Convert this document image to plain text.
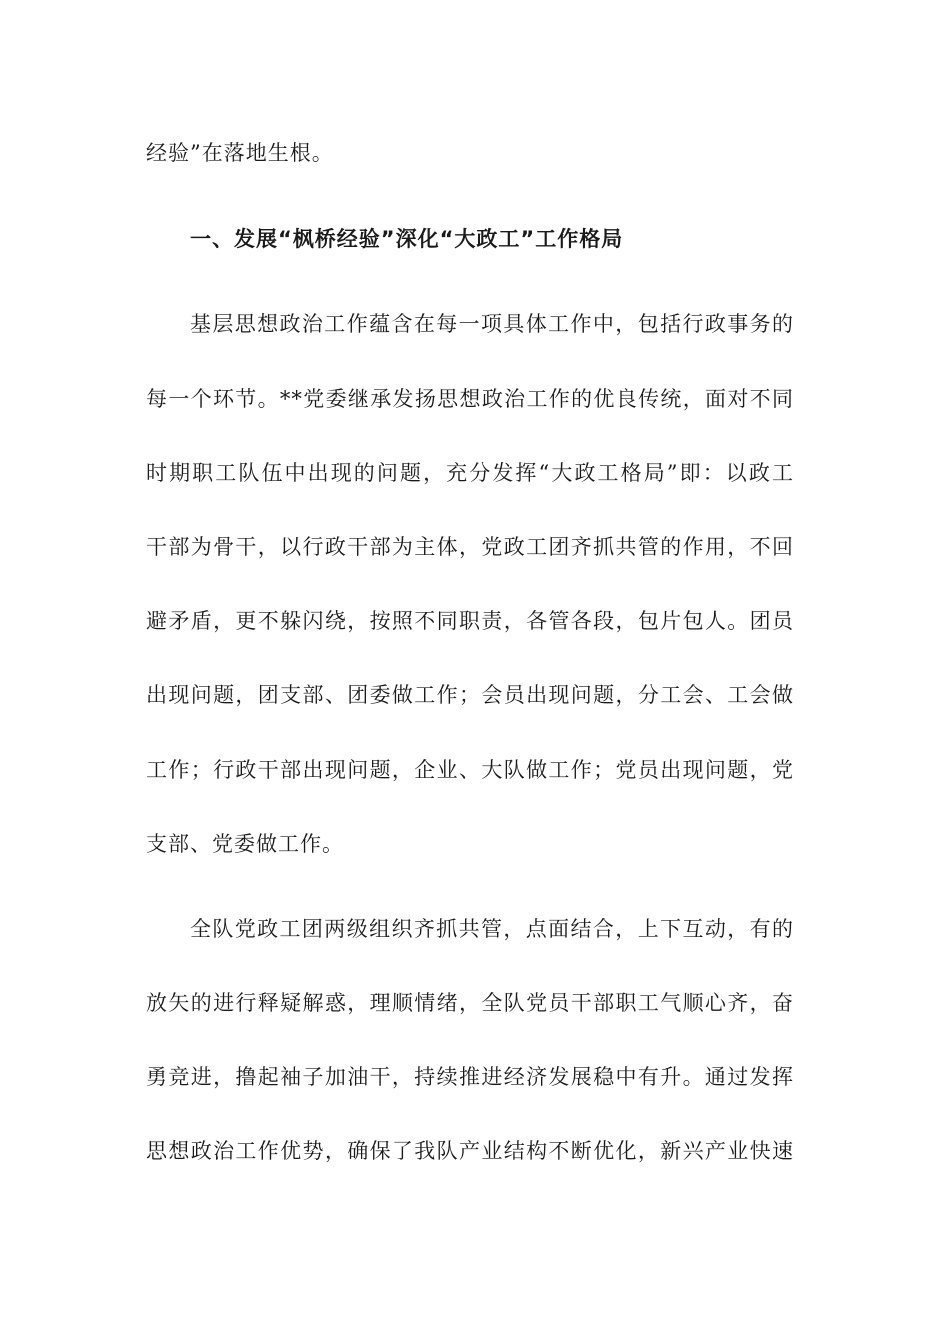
经验”在落地生根。
一、发展“枫桥经验”深化“大政工”工作格局
基层思想政治工作蕴含在每一项具体工作中，包括行政事务的
每一个环节。**党委继承发扬思想政治工作的优良传统，面对不同
时期职工队伍中出现的问题，充分发挥“大政工格局”即：以政工
干部为骨干，以行政干部为主体，党政工团齐抓共管的作用，不回
避矛盾，更不躲闪绕，按照不同职责，各管各段，包片包人。团员
出现问题，团支部、团委做工作；会员出现问题，分工会、工会做
工作；行政干部出现问题，企业、大队做工作；党员出现问题，党
支部、党委做工作。
全队党政工团两级组织齐抓共管，点面结合，上下互动，有的
放矢的进行释疑解惑，理顺情绪，全队党员干部职工气顺心齐，奋
勇竞进，撸起袖子加油干，持续推进经济发展稳中有升。通过发挥
思想政治工作优势，确保了我队产业结构不断优化，新兴产业快速
